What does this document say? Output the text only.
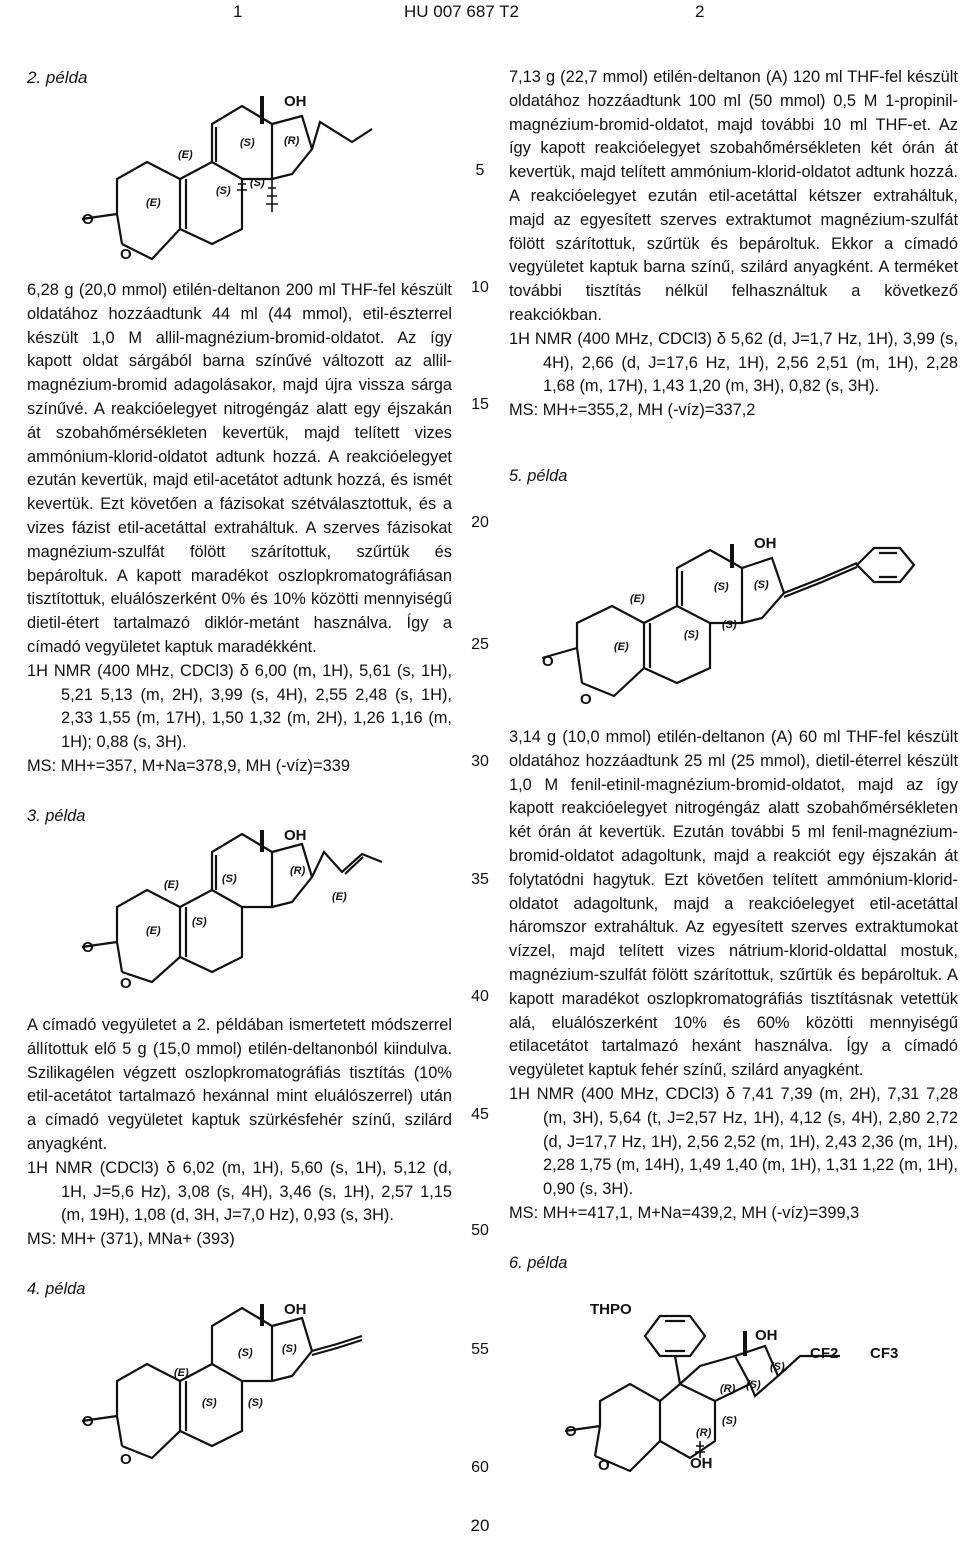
1	HU 007 687 T2	2
5
10
15
20
25
30
35
40
45
50
55
60

2. példa

O
O
OH
(E)
(E)
(S)	(R)
(S)
(S)

6,28 g (20,0 mmol) etilén-deltanon 200 ml THF-fel készült oldatához hozzáadtunk 44 ml (44 mmol), etil-észterrel készült 1,0 M allil-magnézium-bromid-oldatot. Az így kapott oldat sárgából barna színűvé változott az allil-magnézium-bromid adagolásakor, majd újra vissza sárga színűvé. A reakcióelegyet nitrogéngáz alatt egy éjszakán át szobahőmérsékleten kevertük, majd telített vizes ammónium-klorid-oldatot adtunk hozzá. A reakcióelegyet ezután kevertük, majd etil-acetátot adtunk hozzá, és ismét kevertük. Ezt követően a fázisokat szétválasztottuk, és a vizes fázist etil-acetáttal extraháltuk. A szerves fázisokat magnézium-szulfát fölött szárítottuk, szűrtük és bepároltuk. A kapott maradékot oszlopkromatográfiásan tisztítottuk, eluálószerként 0% és 10% közötti mennyiségű dietil-étert tartalmazó diklór-metánt használva. Így a címadó vegyületet kaptuk maradékként.

1H NMR (400 MHz, CDCl3) δ 6,00 (m, 1H), 5,61 (s, 1H), 5,21 5,13 (m, 2H), 3,99 (s, 4H), 2,55 2,48 (s, 1H), 2,33 1,55 (m, 17H), 1,50 1,32 (m, 2H), 1,26 1,16 (m, 1H); 0,88 (s, 3H).

MS: MH+=357, M+Na=378,9, MH (-víz)=339

3. példa

O
O
OH
(E)
(E)
(S)
(R)
(E)
(S)

A címadó vegyületet a 2. példában ismertetett módszerrel állítottuk elő 5 g (15,0 mmol) etilén-deltanonból kiindulva. Szilikagélen végzett oszlopkromatográfiás tisztítás (10% etil-acetátot tartalmazó hexánnal mint eluálószerrel) után a címadó vegyületet kaptuk szürkésfehér színű, szilárd anyagként.

1H NMR (CDCl3) δ 6,02 (m, 1H), 5,60 (s, 1H), 5,12 (d, 1H, J=5,6 Hz), 3,08 (s, 4H), 3,46 (s, 1H), 2,57 1,15 (m, 19H), 1,08 (d, 3H, J=7,0 Hz), 0,93 (s, 3H).

MS: MH+ (371), MNa+ (393)

4. példa

O
O
OH
(E)
(S)	(S)
(S)	(S)

7,13 g (22,7 mmol) etilén-deltanon (A) 120 ml THF-fel készült oldatához hozzáadtunk 100 ml (50 mmol) 0,5 M 1-propinil-magnézium-bromid-oldatot, majd további 10 ml THF-et. Az így kapott reakcióelegyet szobahőmérsékleten két órán át kevertük, majd telített ammónium-klorid-oldatot adtunk hozzá. A reakcióelegyet ezután etil-acetáttal kétszer extraháltuk, majd az egyesített szerves extraktumot magnézium-szulfát fölött szárítottuk, szűrtük és bepároltuk. Ekkor a címadó vegyületet kaptuk barna színű, szilárd anyagként. A terméket további tisztítás nélkül felhasználtuk a következő reakciókban.

1H NMR (400 MHz, CDCl3) δ 5,62 (d, J=1,7 Hz, 1H), 3,99 (s, 4H), 2,66 (d, J=17,6 Hz, 1H), 2,56 2,51 (m, 1H), 2,28 1,68 (m, 17H), 1,43 1,20 (m, 3H), 0,82 (s, 3H).

MS: MH+=355,2, MH (-víz)=337,2

5. példa

O
O
OH
(E)
(E)
(S) (S)
(S)
(S)

3,14 g (10,0 mmol) etilén-deltanon (A) 60 ml THF-fel készült oldatához hozzáadtunk 25 ml (25 mmol), dietil-éterrel készült 1,0 M fenil-etinil-magnézium-bromid-oldatot, majd az így kapott reakcióelegyet nitrogéngáz alatt szobahőmérsékleten két órán át kevertük. Ezután további 5 ml fenil-magnézium-bromid-oldatot adagoltunk, majd a reakciót egy éjszakán át folytatódni hagytuk. Ezt követően telített ammónium-klorid-oldatot adagoltunk, majd a reakcióelegyet etil-acetáttal háromszor extraháltuk. Az egyesített szerves extraktumokat vízzel, majd telített vizes nátrium-klorid-oldattal mostuk, magnézium-szulfát fölött szárítottuk, szűrtük és bepároltuk. A kapott maradékot oszlopkromatográfiás tisztításnak vetettük alá, eluálószerként 10% és 60% közötti mennyiségű etilacetátot tartalmazó hexánt használva. Így a címadó vegyületet kaptuk fehér színű, szilárd anyagként.

1H NMR (400 MHz, CDCl3) δ 7,41 7,39 (m, 2H), 7,31 7,28 (m, 3H), 5,64 (t, J=2,57 Hz, 1H), 4,12 (s, 4H), 2,80 2,72 (d, J=17,7 Hz, 1H), 2,56 2,52 (m, 1H), 2,43 2,36 (m, 1H), 2,28 1,75 (m, 14H), 1,49 1,40 (m, 1H), 1,31 1,22 (m, 1H), 0,90 (s, 3H).

MS: MH+=417,1, M+Na=439,2, MH (-víz)=399,3

6. példa

THPO
O
O
OH
CF2 CF3
OH
(R) (S)
(S)
(S)
(R)
20
